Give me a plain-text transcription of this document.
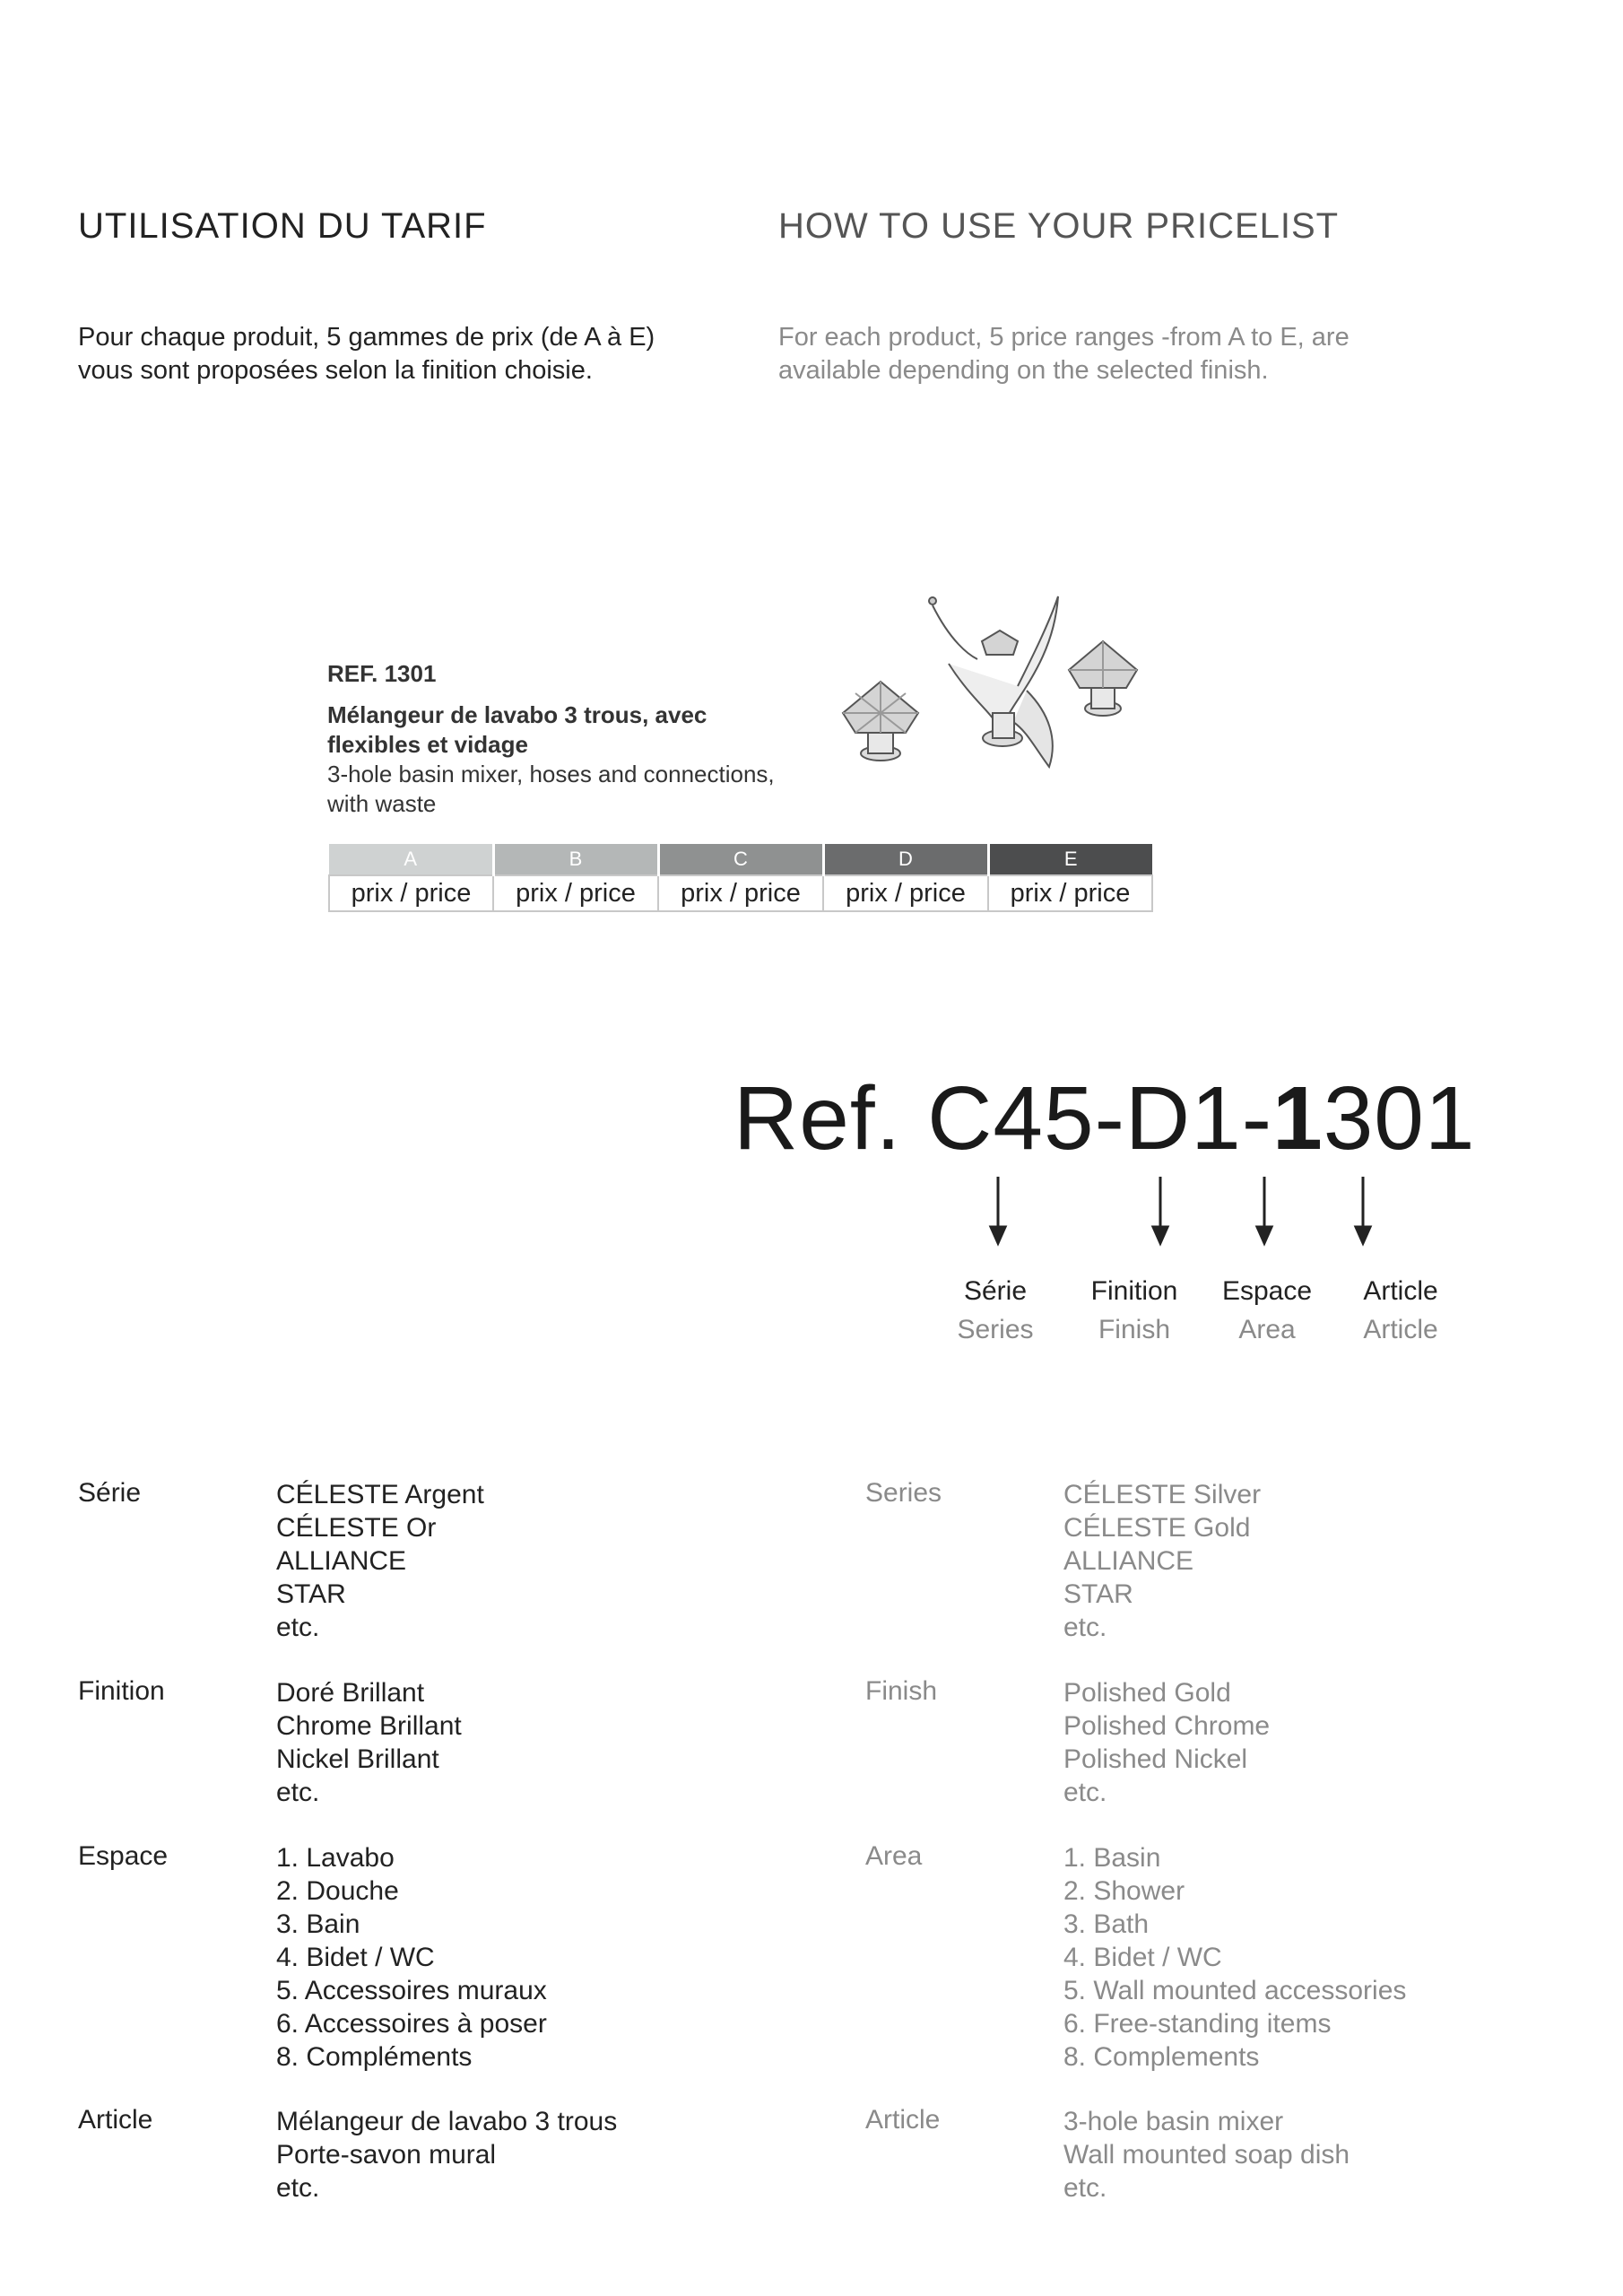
UTILISATION DU TARIF	HOW TO USE YOUR PRICELIST
Pour chaque produit, 5 gammes de prix (de A à E)
vous sont proposées selon la finition choisie.
For each product, 5 price ranges -from A to E, are
available depending on the selected finish.
REF. 1301
Mélangeur de lavabo 3 trous, avec
flexibles et vidage
3-hole basin mixer, hoses and connections,
with waste
A	B	C	D	E
prix / price	prix / price	prix / price	prix / price	prix / price
Ref. C45-D1-1301
Série
Series
Finition
Finish
Espace
Area
Article
Article
Série	CÉLESTE Argent
CÉLESTE Or
ALLIANCE
STAR
etc.
Series	CÉLESTE Silver
CÉLESTE Gold
ALLIANCE
STAR
etc.
Finition	Doré Brillant
Chrome Brillant
Nickel Brillant
etc.
Finish	Polished Gold
Polished Chrome
Polished Nickel
etc.
Espace	1. Lavabo
2. Douche
3. Bain
4. Bidet / WC
5. Accessoires muraux
6. Accessoires à poser
8. Compléments
Area	1. Basin
2. Shower
3. Bath
4. Bidet / WC
5. Wall mounted accessories
6. Free-standing items
8. Complements
Article	Mélangeur de lavabo 3 trous
Porte-savon mural
etc.
Article	3-hole basin mixer
Wall mounted soap dish
etc.
